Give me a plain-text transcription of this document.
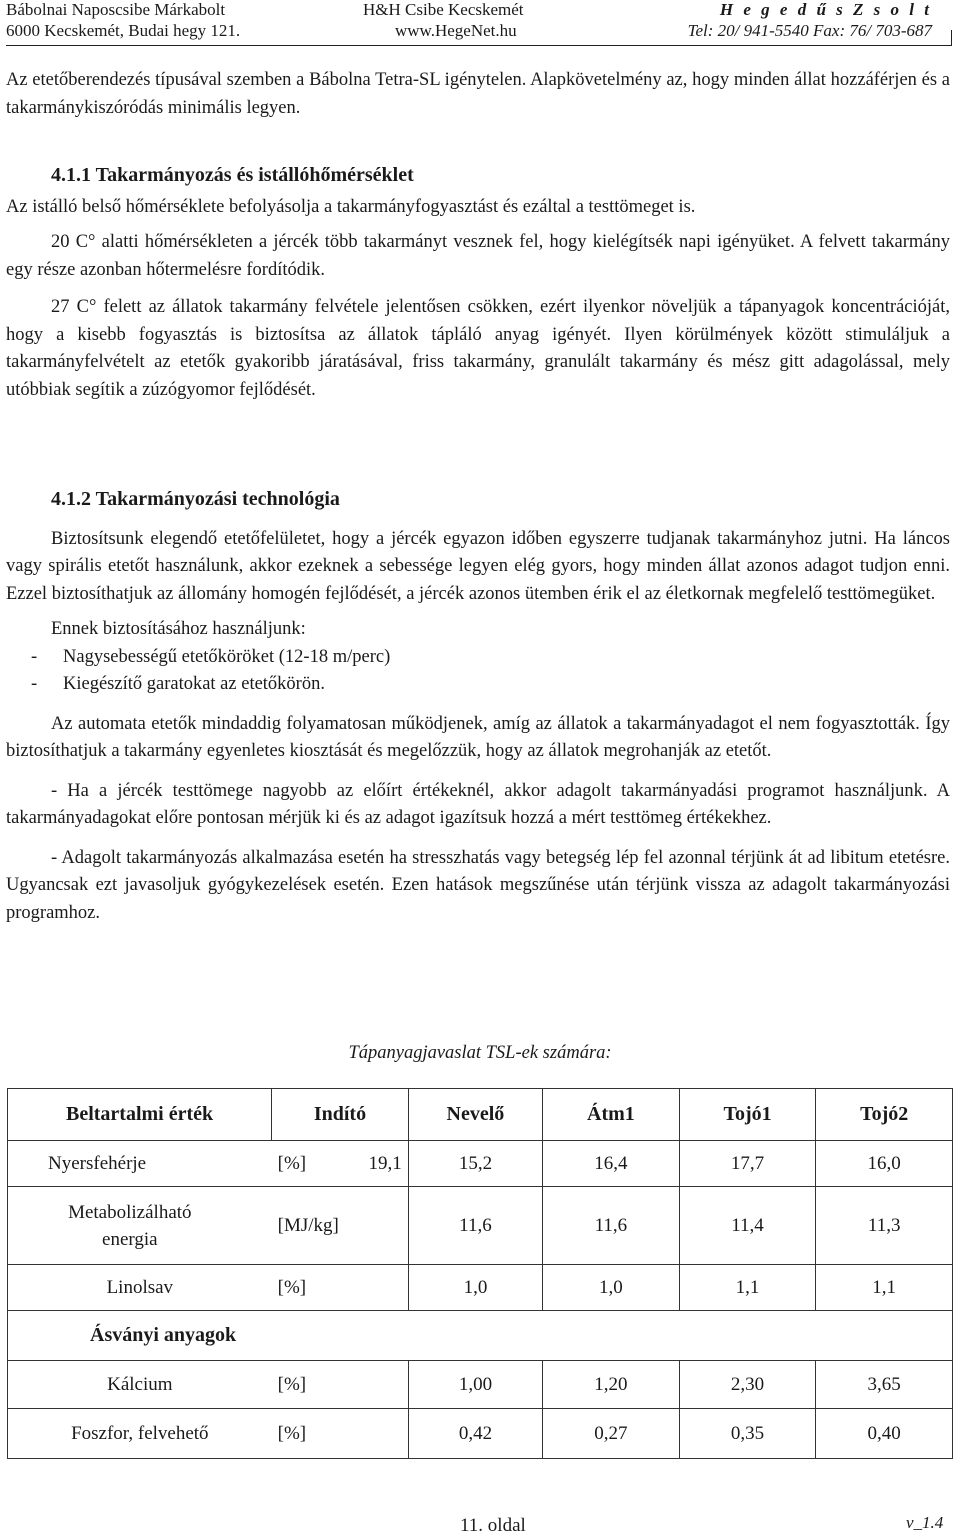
Bábolnai Naposcsibe Márkabolt
6000 Kecskemét, Budai hegy 121.
H&H Csibe Kecskemét
www.HegeNet.hu
H e g e d ű s Z s o l t
Tel: 20/ 941-5540 Fax: 76/ 703-687

Az etetőberendezés típusával szemben a Bábolna Tetra-SL igénytelen. Alapkövetelmény az, hogy minden állat hozzáférjen és a takarmánykiszóródás minimális legyen.

4.1.1 Takarmányozás és istállóhőmérséklet

Az istálló belső hőmérséklete befolyásolja a takarmányfogyasztást és ezáltal a testtömeget is.

20 C° alatti hőmérsékleten a jércék több takarmányt vesznek fel, hogy kielégítsék napi igényüket. A felvett takarmány egy része azonban hőtermelésre fordítódik.

27 C° felett az állatok takarmány felvétele jelentősen csökken, ezért ilyenkor növeljük a tápanyagok koncentrációját, hogy a kisebb fogyasztás is biztosítsa az állatok tápláló anyag igényét. Ilyen körülmények között stimuláljuk a takarmányfelvételt az etetők gyakoribb járatásával, friss takarmány, granulált takarmány és mész gitt adagolással, mely utóbbiak segítik a zúzógyomor fejlődését.

4.1.2 Takarmányozási technológia

Biztosítsunk elegendő etetőfelületet, hogy a jércék egyazon időben egyszerre tudjanak takarmányhoz jutni. Ha láncos vagy spirális etetőt használunk, akkor ezeknek a sebessége legyen elég gyors, hogy minden állat azonos adagot tudjon enni. Ezzel biztosíthatjuk az állomány homogén fejlődését, a jércék azonos ütemben érik el az életkornak megfelelő testtömegüket.

Ennek biztosításához használjunk:

-	Nagysebességű etetőköröket (12-18 m/perc)
-	Kiegészítő garatokat az etetőkörön.

Az automata etetők mindaddig folyamatosan működjenek, amíg az állatok a takarmányadagot el nem fogyasztották. Így biztosíthatjuk a takarmány egyenletes kiosztását és megelőzzük, hogy az állatok megrohanják az etetőt.

- Ha a jércék testtömege nagyobb az előírt értékeknél, akkor adagolt takarmányadási programot használjunk. A takarmányadagokat előre pontosan mérjük ki és az adagot igazítsuk hozzá a mért testtömeg értékekhez.

- Adagolt takarmányozás alkalmazása esetén ha stresszhatás vagy betegség lép fel azonnal térjünk át ad libitum etetésre. Ugyancsak ezt javasoljuk gyógykezelések esetén. Ezen hatások megszűnése után térjünk vissza az adagolt takarmányozási programhoz.

Tápanyagjavaslat TSL-ek számára:
Beltartalmi érték	Indító	Nevelő	Átm1	Tojó1	Tojó2

Nyersfehérje	[%] 19,1	15,2	16,4	17,7	16,0

Metabolizálható
energia	[MJ/kg]	11,6	11,6	11,4	11,3
Linolsav	[%]	1,0	1,0	1,1	1,1
Ásványi anyagok					
Kálcium	[%]	1,00	1,20	2,30	3,65
Foszfor, felvehető	[%]	0,42	0,27	0,35	0,40
11. oldal	v_1.4
